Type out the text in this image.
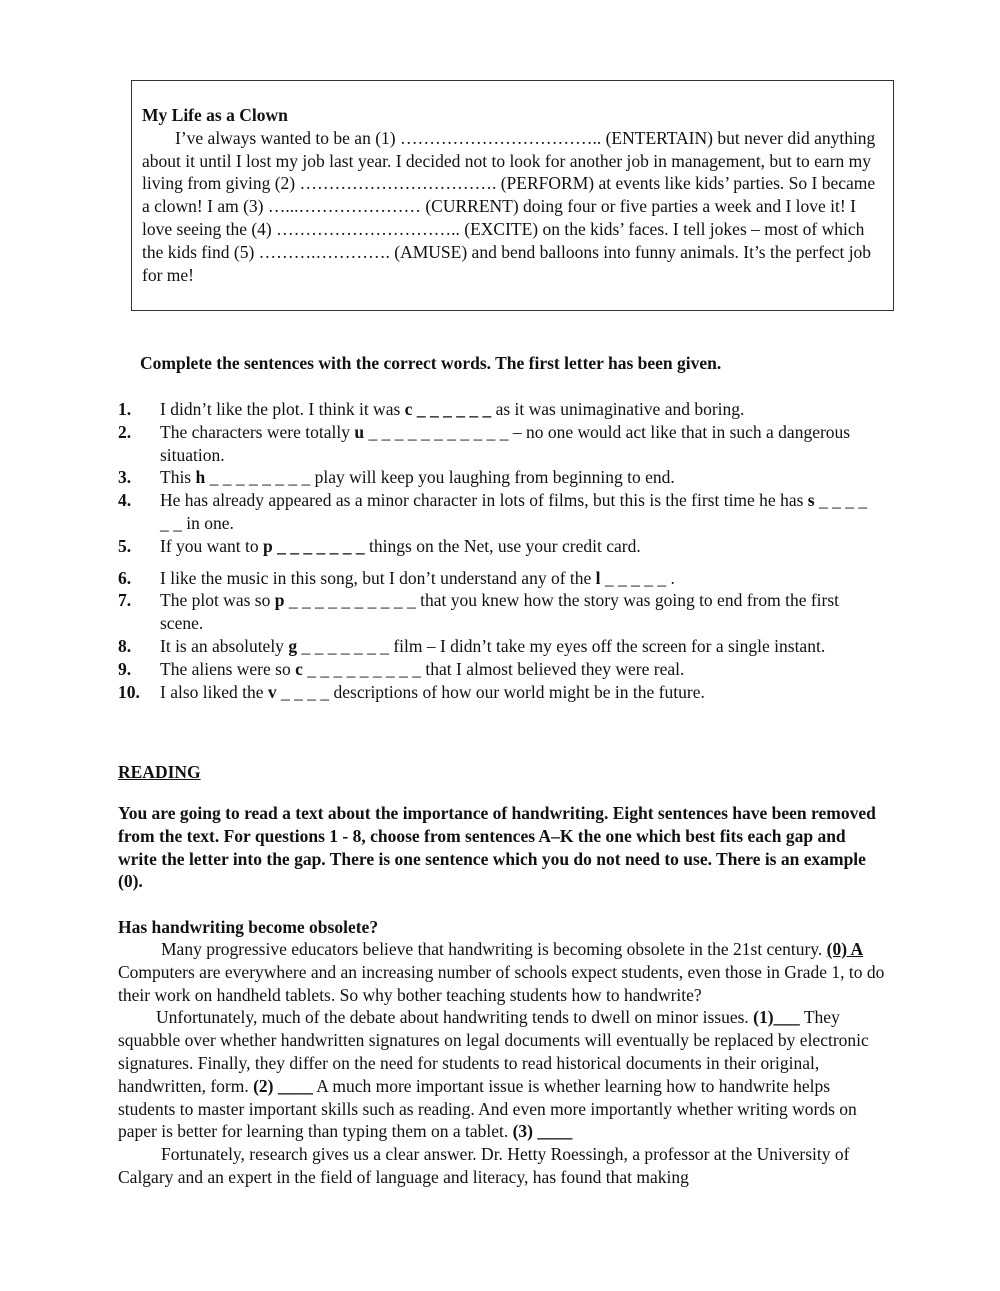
My Life as a Clown
I’ve always wanted to be an (1) …………………………….. (ENTERTAIN) but never did anything about it until I lost my job last year. I decided not to look for another job in management, but to earn my living from giving (2) ……………………………. (PERFORM) at events like kids’ parties. So I became a clown! I am (3) …...………………… (CURRENT) doing four or five parties a week and I love it! I love seeing the (4) ………………………….. (EXCITE) on the kids’ faces. I tell jokes – most of which the kids find (5) ……….…………. (AMUSE) and bend balloons into funny animals. It’s the perfect job for me!
Complete the sentences with the correct words. The first letter has been given.
1.	I didn’t like the plot. I think it was c _ _ _ _ _ _ as it was unimaginative and boring.
2.	The characters were totally u _ _ _ _ _ _ _ _ _ _ _ – no one would act like that in such a dangerous situation.
3.	This h _ _ _ _ _ _ _ _ play will keep you laughing from beginning to end.
4.	He has already appeared as a minor character in lots of films, but this is the first time he has s _ _ _ _ _ _ in one.
5.	If you want to p _ _ _ _ _ _ _ things on the Net, use your credit card.
6.	I like the music in this song, but I don’t understand any of the l _ _ _ _ _ .
7.	The plot was so p _ _ _ _ _ _ _ _ _ _ that you knew how the story was going to end from the first scene.
8.	It is an absolutely g _ _ _ _ _ _ _ film – I didn’t take my eyes off the screen for a single instant.
9.	The aliens were so c _ _ _ _ _ _ _ _ _ that I almost believed they were real.
10.	I also liked the v _ _ _ _ descriptions of how our world might be in the future.
READING
You are going to read a text about the importance of handwriting. Eight sentences have been removed from the text. For questions 1 - 8, choose from sentences A–K the one which best fits each gap and write the letter into the gap. There is one sentence which you do not need to use. There is an example (0).
Has handwriting become obsolete?

Many progressive educators believe that handwriting is becoming obsolete in the 21st century. (0) A Computers are everywhere and an increasing number of schools expect students, even those in Grade 1, to do their work on handheld tablets. So why bother teaching students how to handwrite?

Unfortunately, much of the debate about handwriting tends to dwell on minor issues. (1)___ They squabble over whether handwritten signatures on legal documents will eventually be replaced by electronic signatures. Finally, they differ on the need for students to read historical documents in their original, handwritten, form. (2) ____ A much more important issue is whether learning how to handwrite helps students to master important skills such as reading. And even more importantly whether writing words on paper is better for learning than typing them on a tablet. (3) ____

Fortunately, research gives us a clear answer. Dr. Hetty Roessingh, a professor at the University of Calgary and an expert in the field of language and literacy, has found that making
